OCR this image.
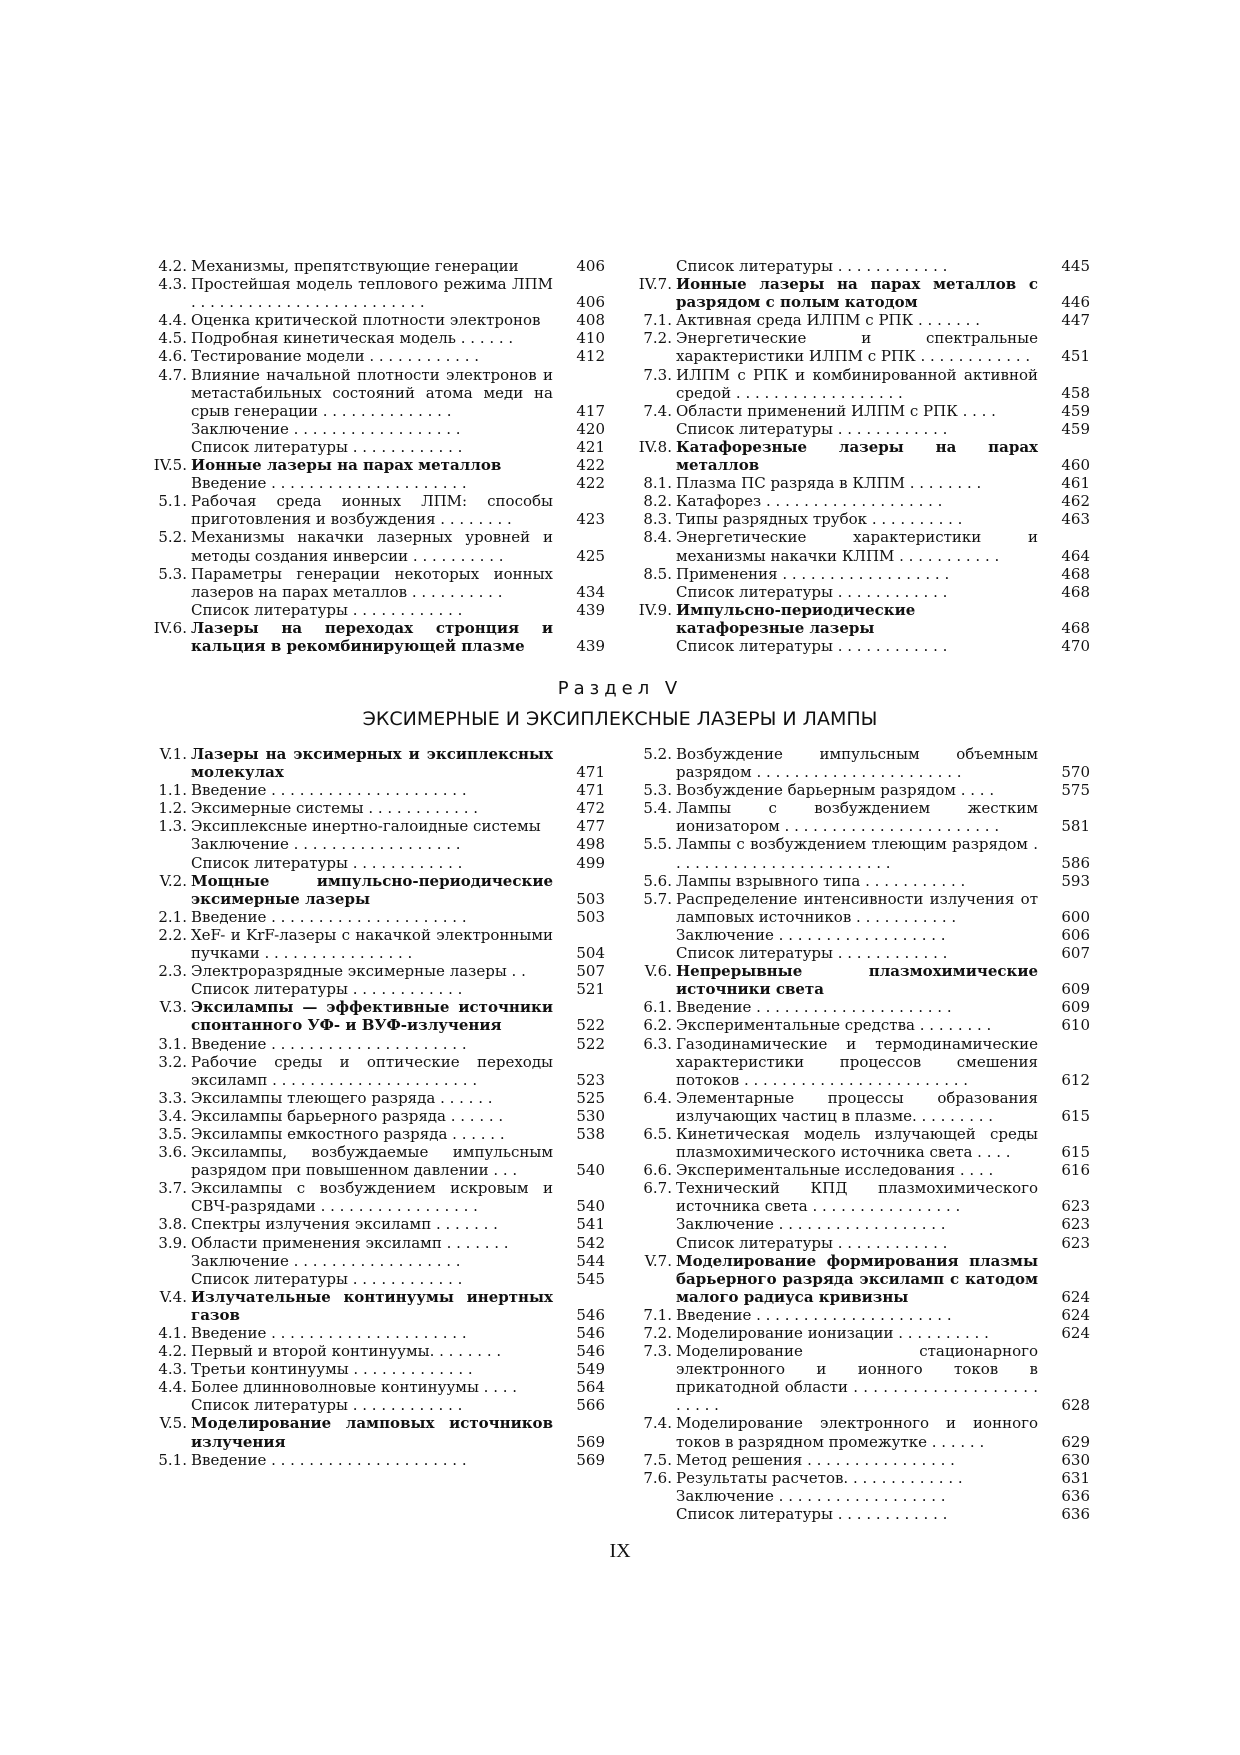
4.2. Механизмы, препятствующие генерации	406
4.3. Простейшая модель теплового режима ЛПМ . . . . . . . . . . . . . . . . . . . . . . . . .	406
4.4. Оценка критической плотности электронов	408
4.5. Подробная кинетическая модель . . . . . .	410
4.6. Тестирование модели . . . . . . . . . . . .	412
4.7. Влияние начальной плотности электронов и метастабильных состояний атома меди на срыв генерации . . . . . . . . . . . . . .	417
Заключение . . . . . . . . . . . . . . . . . .	420
Список литературы . . . . . . . . . . . .	421
IV.5. Ионные лазеры на парах металлов	422
Введение . . . . . . . . . . . . . . . . . . . . .	422
5.1. Рабочая среда ионных ЛПМ: способы приготовления и возбуждения . . . . . . . .	423
5.2. Механизмы накачки лазерных уровней и методы создания инверсии . . . . . . . . . .	425
5.3. Параметры генерации некоторых ионных лазеров на парах металлов . . . . . . . . . .	434
Список литературы . . . . . . . . . . . .	439
IV.6. Лазеры на переходах стронция и кальция в рекомбинирующей плазме	439
Список литературы . . . . . . . . . . . .	445
IV.7. Ионные лазеры на парах металлов с разрядом с полым катодом	446
7.1. Активная среда ИЛПМ с РПК . . . . . . .	447
7.2. Энергетические и спектральные характеристики ИЛПМ с РПК . . . . . . . . . . . .	451
7.3. ИЛПМ с РПК и комбинированной активной средой . . . . . . . . . . . . . . . . . .	458
7.4. Области применений ИЛПМ с РПК . . . .	459
Список литературы . . . . . . . . . . . .	459
IV.8. Катафорезные лазеры на парах металлов	460
8.1. Плазма ПС разряда в КЛПМ . . . . . . . .	461
8.2. Катафорез . . . . . . . . . . . . . . . . . . .	462
8.3. Типы разрядных трубок . . . . . . . . . .	463
8.4. Энергетические характеристики и механизмы накачки КЛПМ . . . . . . . . . . .	464
8.5. Применения . . . . . . . . . . . . . . . . . .	468
Список литературы . . . . . . . . . . . .	468
IV.9. Импульсно-периодические катафорезные лазеры	468
Список литературы . . . . . . . . . . . .	470
Раздел V
ЭКСИМЕРНЫЕ И ЭКСИПЛЕКСНЫЕ ЛАЗЕРЫ И ЛАМПЫ
V.1. Лазеры на эксимерных и эксиплексных молекулах	471
1.1. Введение . . . . . . . . . . . . . . . . . . . . .	471
1.2. Эксимерные системы . . . . . . . . . . . .	472
1.3. Эксиплексные инертно-галоидные системы	477
Заключение . . . . . . . . . . . . . . . . . .	498
Список литературы . . . . . . . . . . . .	499
V.2. Мощные импульсно-периодические эксимерные лазеры	503
2.1. Введение . . . . . . . . . . . . . . . . . . . . .	503
2.2. XeF- и KrF-лазеры с накачкой электронными пучками . . . . . . . . . . . . . . . .	504
2.3. Электроразрядные эксимерные лазеры . .	507
Список литературы . . . . . . . . . . . .	521
V.3. Эксилампы — эффективные источники спонтанного УФ- и ВУФ-излучения	522
3.1. Введение . . . . . . . . . . . . . . . . . . . . .	522
3.2. Рабочие среды и оптические переходы эксиламп . . . . . . . . . . . . . . . . . . . . . .	523
3.3. Эксилампы тлеющего разряда . . . . . .	525
3.4. Эксилампы барьерного разряда . . . . . .	530
3.5. Эксилампы емкостного разряда . . . . . .	538
3.6. Эксилампы, возбуждаемые импульсным разрядом при повышенном давлении . . .	540
3.7. Эксилампы с возбуждением искровым и СВЧ-разрядами . . . . . . . . . . . . . . . . .	540
3.8. Спектры излучения эксиламп . . . . . . .	541
3.9. Области применения эксиламп . . . . . . .	542
Заключение . . . . . . . . . . . . . . . . . .	544
Список литературы . . . . . . . . . . . .	545
V.4. Излучательные континуумы инертных газов	546
4.1. Введение . . . . . . . . . . . . . . . . . . . . .	546
4.2. Первый и второй континуумы. . . . . . . .	546
4.3. Третьи континуумы . . . . . . . . . . . . .	549
4.4. Более длинноволновые континуумы . . . .	564
Список литературы . . . . . . . . . . . .	566
V.5. Моделирование ламповых источников излучения	569
5.1. Введение . . . . . . . . . . . . . . . . . . . . .	569
5.2. Возбуждение импульсным объемным разрядом . . . . . . . . . . . . . . . . . . . . . .	570
5.3. Возбуждение барьерным разрядом . . . .	575
5.4. Лампы с возбуждением жестким ионизатором . . . . . . . . . . . . . . . . . . . . . . .	581
5.5. Лампы с возбуждением тлеющим разрядом . . . . . . . . . . . . . . . . . . . . . . . .	586
5.6. Лампы взрывного типа . . . . . . . . . . .	593
5.7. Распределение интенсивности излучения от ламповых источников . . . . . . . . . . .	600
Заключение . . . . . . . . . . . . . . . . . .	606
Список литературы . . . . . . . . . . . .	607
V.6. Непрерывные плазмохимические источники света	609
6.1. Введение . . . . . . . . . . . . . . . . . . . . .	609
6.2. Экспериментальные средства . . . . . . . .	610
6.3. Газодинамические и термодинамические характеристики процессов смешения потоков . . . . . . . . . . . . . . . . . . . . . . . .	612
6.4. Элементарные процессы образования излучающих частиц в плазме. . . . . . . . .	615
6.5. Кинетическая модель излучающей среды плазмохимического источника света . . . .	615
6.6. Экспериментальные исследования . . . .	616
6.7. Технический КПД плазмохимического источника света . . . . . . . . . . . . . . . .	623
Заключение . . . . . . . . . . . . . . . . . .	623
Список литературы . . . . . . . . . . . .	623
V.7. Моделирование формирования плазмы барьерного разряда эксиламп с катодом малого радиуса кривизны	624
7.1. Введение . . . . . . . . . . . . . . . . . . . . .	624
7.2. Моделирование ионизации . . . . . . . . . .	624
7.3. Моделирование стационарного электронного и ионного токов в прикатодной области . . . . . . . . . . . . . . . . . . . . . . . .	628
7.4. Моделирование электронного и ионного токов в разрядном промежутке . . . . . .	629
7.5. Метод решения . . . . . . . . . . . . . . . .	630
7.6. Результаты расчетов. . . . . . . . . . . . .	631
Заключение . . . . . . . . . . . . . . . . . .	636
Список литературы . . . . . . . . . . . .	636
IX
